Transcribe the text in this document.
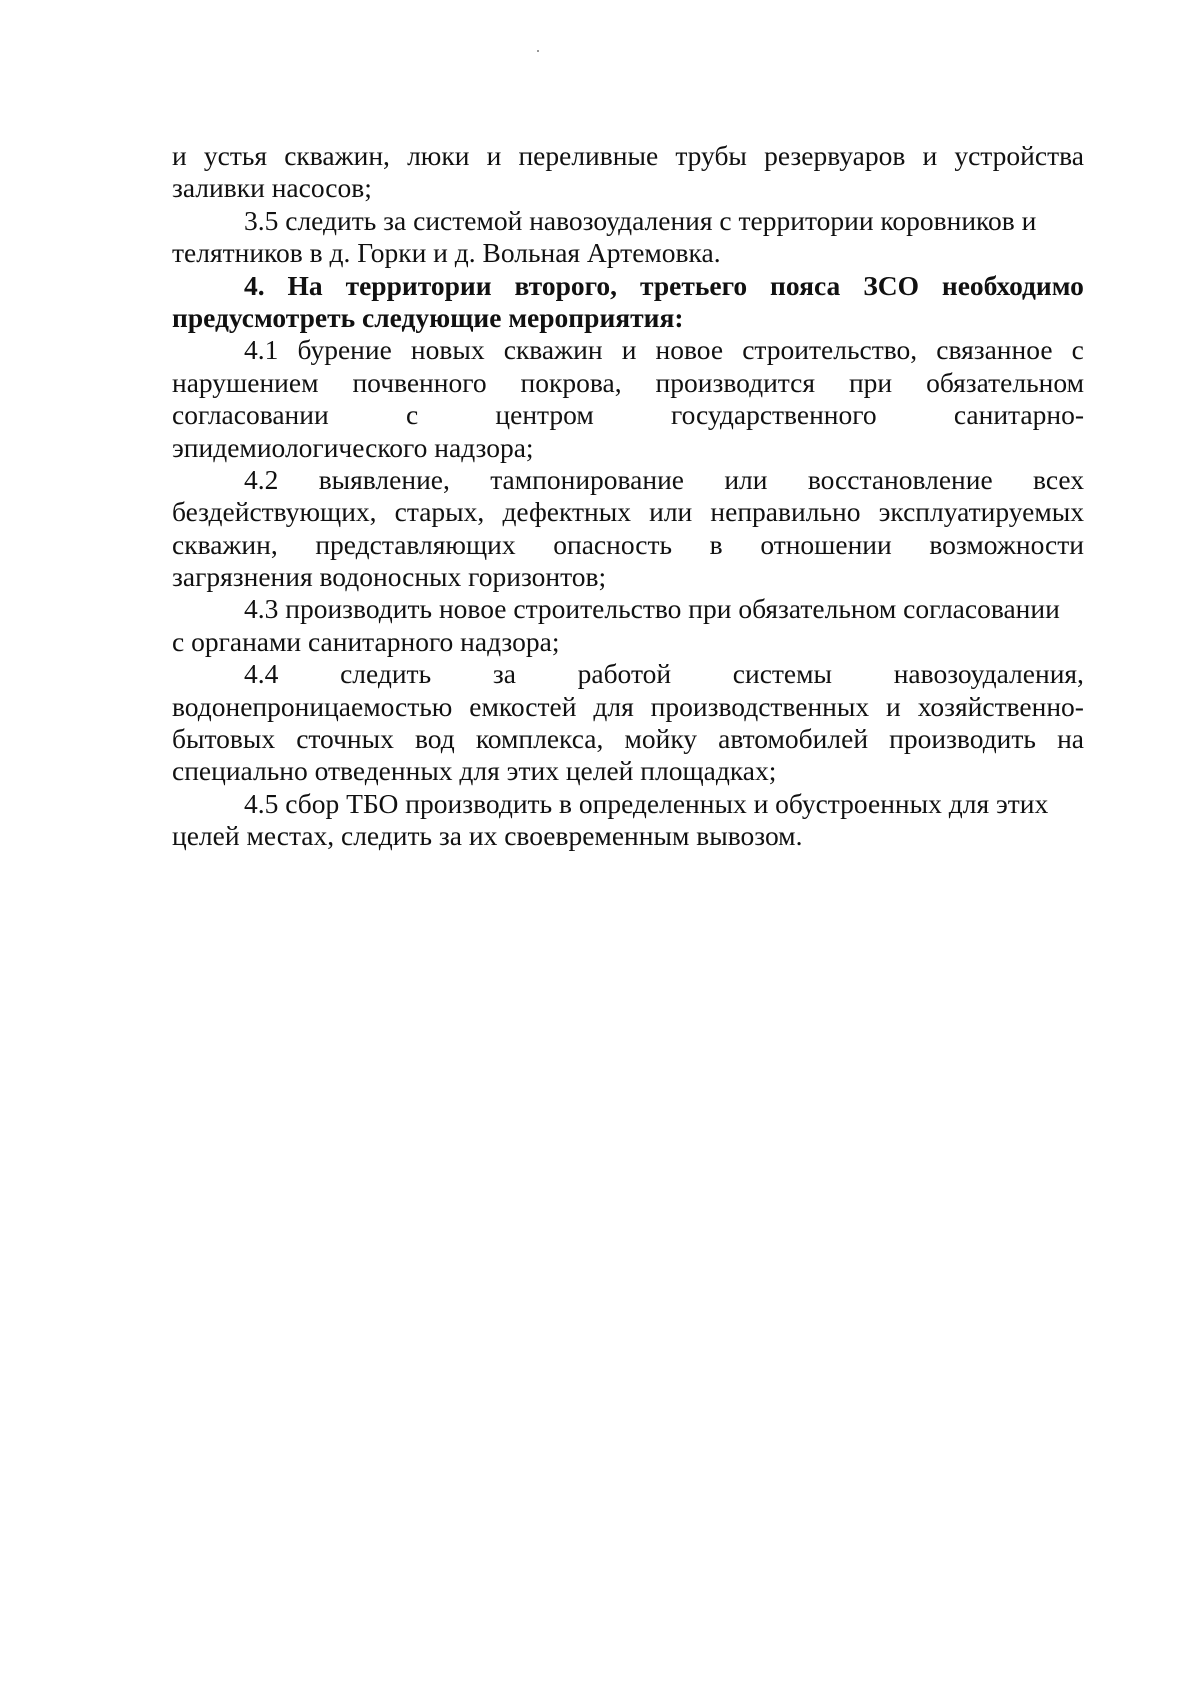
и устья скважин, люки и переливные трубы резервуаров и устройства
заливки насосов;
3.5 следить за системой навозоудаления с территории коровников и
телятников в д. Горки и д. Вольная Артемовка.
4. На территории второго, третьего пояса ЗСО необходимо
предусмотреть следующие мероприятия:
4.1 бурение новых скважин и новое строительство, связанное с
нарушением почвенного покрова, производится при обязательном
согласовании	с	центром	государственного	санитарно-
эпидемиологического надзора;
4.2 выявление, тампонирование или восстановление всех
бездействующих, старых, дефектных или неправильно эксплуатируемых
скважин, представляющих опасность в отношении возможности
загрязнения водоносных горизонтов;
4.3 производить новое строительство при обязательном согласовании
с органами санитарного надзора;
4.4 следить за работой системы навозоудаления,
водонепроницаемостью емкостей для производственных и хозяйственно-
бытовых сточных вод комплекса, мойку автомобилей производить на
специально отведенных для этих целей площадках;
4.5 сбор ТБО производить в определенных и обустроенных для этих
целей местах, следить за их своевременным вывозом.
